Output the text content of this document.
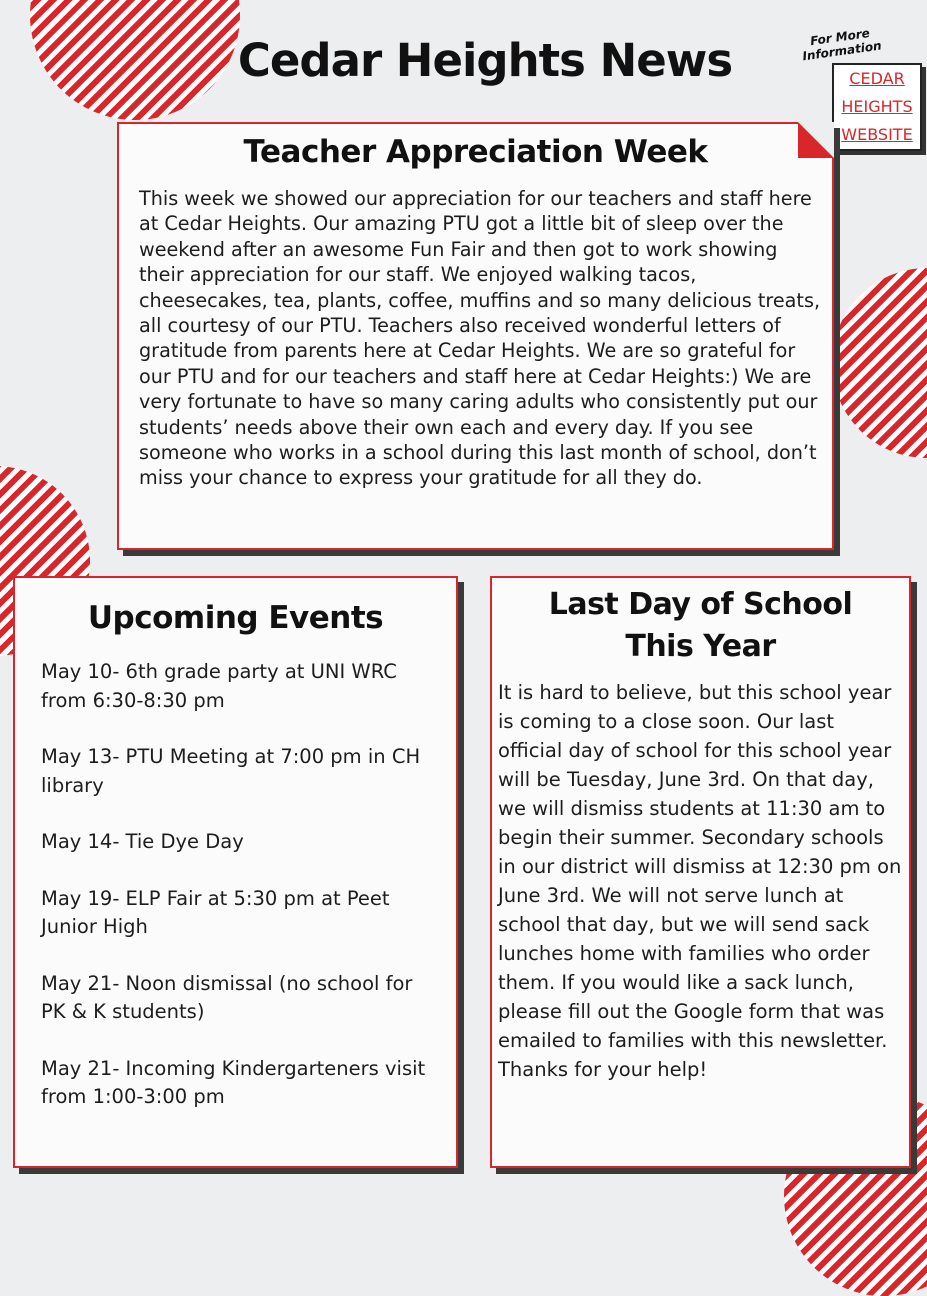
Cedar Heights News	For More Information
CEDAR HEIGHTS WEBSITE
Teacher Appreciation Week
This week we showed our appreciation for our teachers and staff here at Cedar Heights. Our amazing PTU got a little bit of sleep over the weekend after an awesome Fun Fair and then got to work showing their appreciation for our staff. We enjoyed walking tacos, cheesecakes, tea, plants, coffee, muffins and so many delicious treats, all courtesy of our PTU. Teachers also received wonderful letters of gratitude from parents here at Cedar Heights. We are so grateful for our PTU and for our teachers and staff here at Cedar Heights:) We are very fortunate to have so many caring adults who consistently put our students’ needs above their own each and every day. If you see someone who works in a school during this last month of school, don’t miss your chance to express your gratitude for all they do.
Upcoming Events
May 10- 6th grade party at UNI WRC from 6:30-8:30 pm
May 13- PTU Meeting at 7:00 pm in CH library
May 14- Tie Dye Day
May 19- ELP Fair at 5:30 pm at Peet Junior High
May 21- Noon dismissal (no school for PK & K students)
May 21- Incoming Kindergarteners visit from 1:00-3:00 pm
Last Day of School
This Year
It is hard to believe, but this school year is coming to a close soon. Our last official day of school for this school year will be Tuesday, June 3rd. On that day, we will dismiss students at 11:30 am to begin their summer. Secondary schools in our district will dismiss at 12:30 pm on June 3rd. We will not serve lunch at school that day, but we will send sack lunches home with families who order them. If you would like a sack lunch, please fill out the Google form that was emailed to families with this newsletter. Thanks for your help!
